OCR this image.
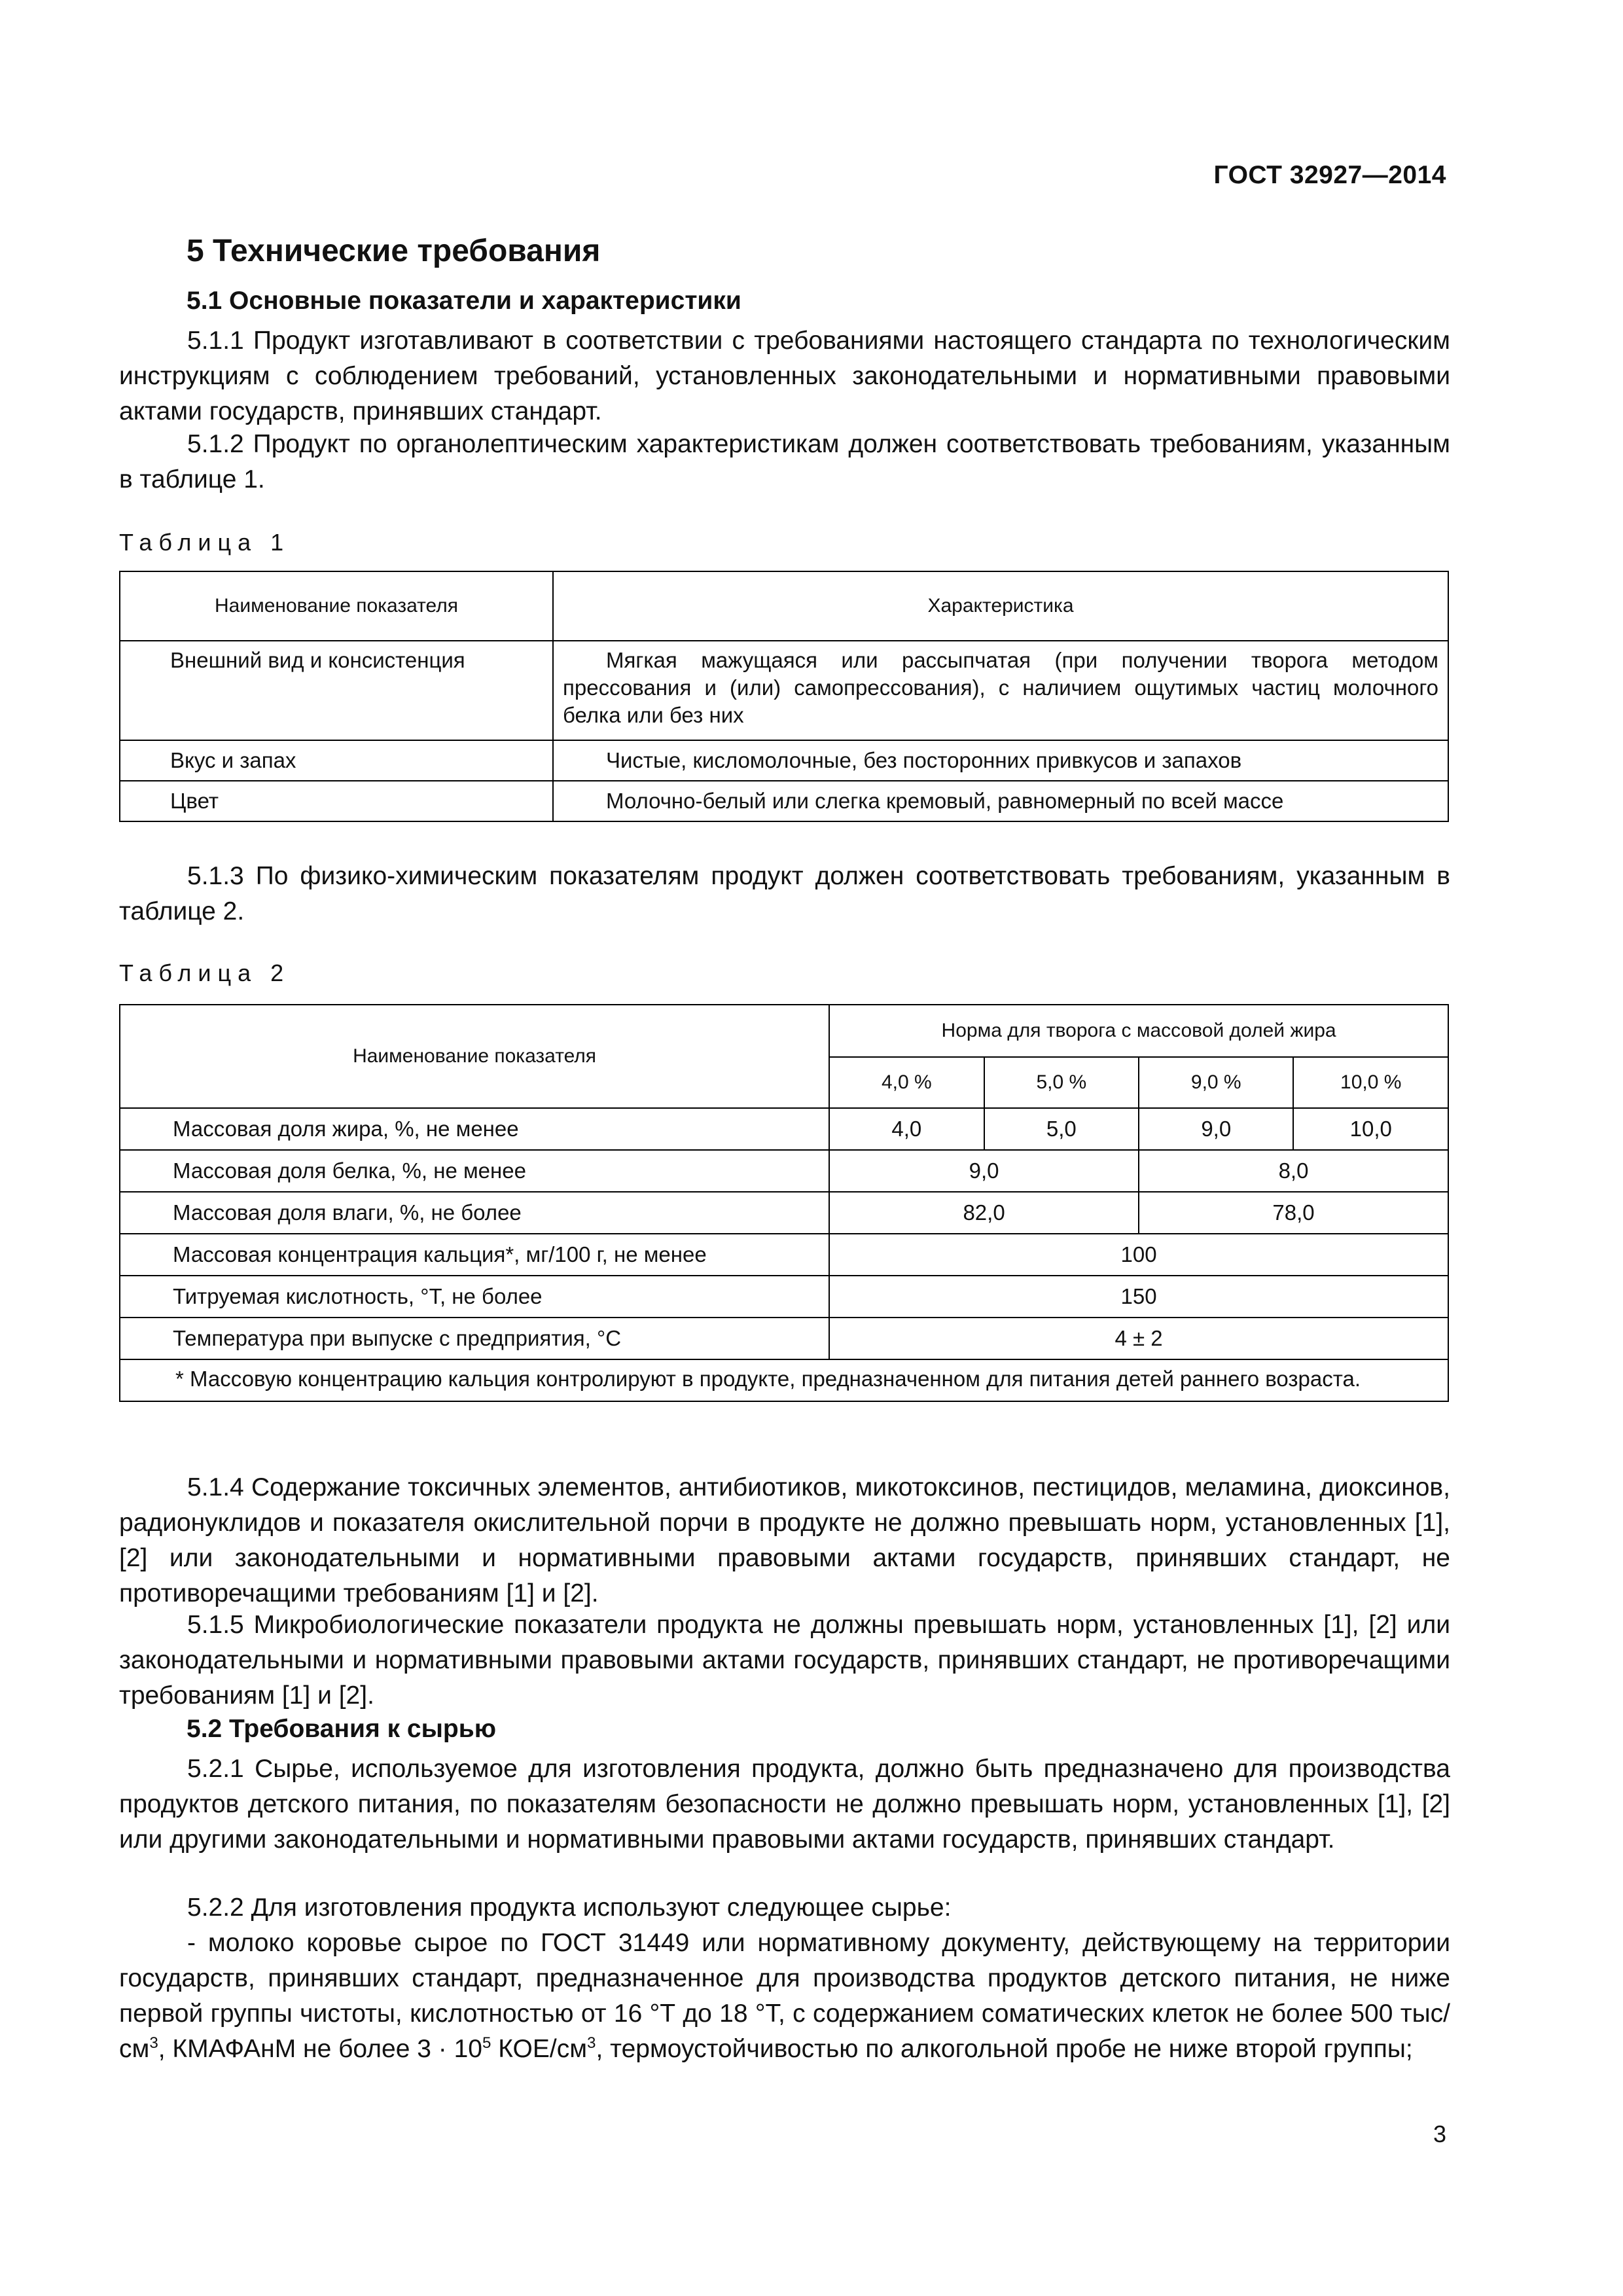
ГОСТ 32927—2014
5 Технические требования
5.1 Основные показатели и характеристики
5.1.1 Продукт изготавливают в соответствии с требованиями настоящего стандарта по технологическим инструкциям с соблюдением требований, установленных законодательными и нормативными правовыми актами государств, принявших стандарт.
5.1.2 Продукт по органолептическим характеристикам должен соответствовать требованиям, указанным в таблице 1.
Таблица 1
Наименование показателя	Характеристика
Внешний вид и консистенция	Мягкая мажущаяся или рассыпчатая (при получении творога методом прессования и (или) самопрессования), с наличием ощутимых частиц молочного белка или без них
Вкус и запах	Чистые, кисломолочные, без посторонних привкусов и запахов
Цвет	Молочно-белый или слегка кремовый, равномерный по всей массе
5.1.3 По физико-химическим показателям продукт должен соответствовать требованиям, указанным в таблице 2.
Таблица 2
Наименование показателя	Норма для творога с массовой долей жира			
	4,0 %	5,0 %	9,0 %	10,0 %
Массовая доля жира, %, не менее	4,0	5,0	9,0	10,0
Массовая доля белка, %, не менее	9,0		8,0	
Массовая доля влаги, %, не более	82,0		78,0	
Массовая концентрация кальция*, мг/100 г, не менее	100			
Титруемая кислотность, °Т, не более	150			
Температура при выпуске с предприятия, °С	4 ± 2			
* Массовую концентрацию кальция контролируют в продукте, предназначенном для питания детей раннего возраста.				
5.1.4 Содержание токсичных элементов, антибиотиков, микотоксинов, пестицидов, меламина, диоксинов, радионуклидов и показателя окислительной порчи в продукте не должно превышать норм, установленных [1], [2] или законодательными и нормативными правовыми актами государств, принявших стандарт, не противоречащими требованиям [1] и [2].
5.1.5 Микробиологические показатели продукта не должны превышать норм, установленных [1], [2] или законодательными и нормативными правовыми актами государств, принявших стандарт, не противоречащими требованиям [1] и [2].
5.2 Требования к сырью
5.2.1 Сырье, используемое для изготовления продукта, должно быть предназначено для производства продуктов детского питания, по показателям безопасности не должно превышать норм, установленных [1], [2] или другими законодательными и нормативными правовыми актами государств, принявших стандарт.
5.2.2 Для изготовления продукта используют следующее сырье:
- молоко коровье сырое по ГОСТ 31449 или нормативному документу, действующему на территории государств, принявших стандарт, предназначенное для производства продуктов детского питания, не ниже первой группы чистоты, кислотностью от 16 °Т до 18 °Т, с содержанием соматических клеток не более 500 тыс/$см^3$, КМАФАнМ не более $3 \cdot 10^5$ КОЕ/$см^3$, термоустойчивостью по алкогольной пробе не ниже второй группы;
3
